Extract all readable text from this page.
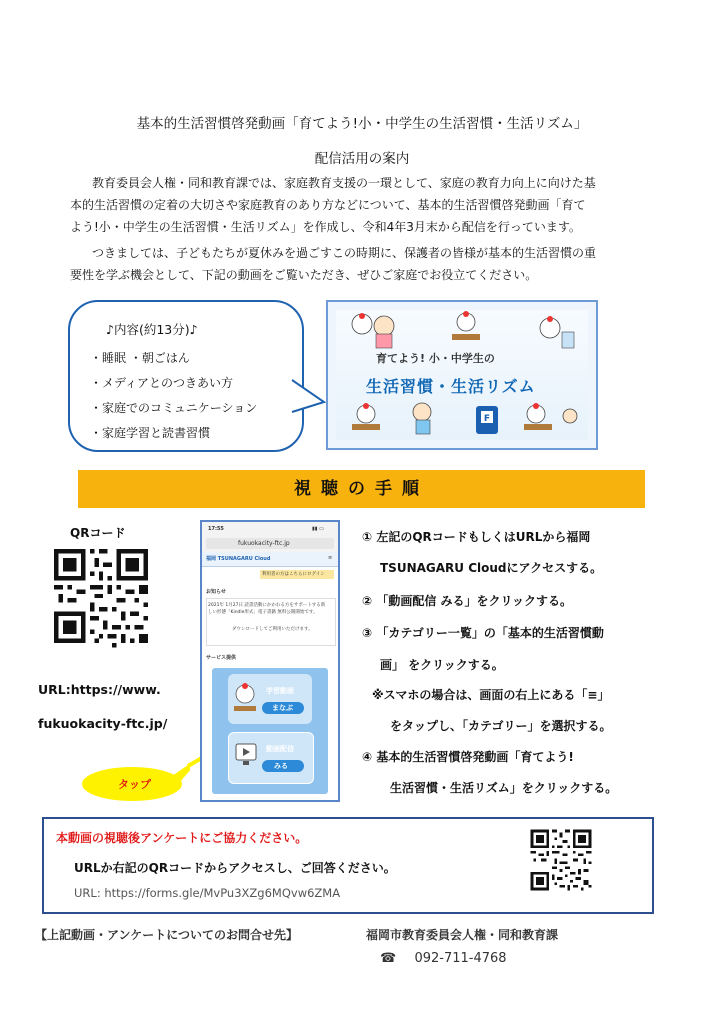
基本的生活習慣啓発動画「育てよう!小・中学生の生活習慣・生活リズム」
配信活用の案内
教育委員会人権・同和教育課では、家庭教育支援の一環として、家庭の教育力向上に向けた基
本的生活習慣の定着の大切さや家庭教育のあり方などについて、基本的生活習慣啓発動画「育て
よう!小・中学生の生活習慣・生活リズム」を作成し、令和4年3月末から配信を行っています。
つきましては、子どもたちが夏休みを過ごすこの時期に、保護者の皆様が基本的生活習慣の重
要性を学ぶ機会として、下記の動画をご覧いただき、ぜひご家庭でお役立てください。
♪内容(約13分)♪
・睡眠 ・朝ごはん
・メディアとのつきあい方
・家庭でのコミュニケーション
・家庭学習と読書習慣
F
育てよう! 小・中学生の
生活習慣・生活リズム
視聴の手順
QRコード
URL:https://www.
fukuokacity-ftc.jp/
タップ
17:55	▮▮ ▭
fukuokacity-ftc.jp
福岡 TSUNAGARU Cloud	≡
利用者の方はこちらにログイン
お知らせ
2021年 1月27日 読書活動にかかわる方をサポートする新しい形態「Kindle形式」電子書籍 無料公開開始です。
ダウンロードしてご利用いただけます。
サービス提供
学習動画
まなぶ
動画配信
みる
① 左記のQRコードもしくはURLから福岡
TSUNAGARU Cloudにアクセスする。
② 「動画配信 みる」をクリックする。
③ 「カテゴリー一覧」の「基本的生活習慣動
画」 をクリックする。
※スマホの場合は、画面の右上にある「≡」
をタップし、「カテゴリー」を選択する。
④ 基本的生活習慣啓発動画「育てよう!
生活習慣・生活リズム」をクリックする。
本動画の視聴後アンケートにご協力ください。
URLか右記のQRコードからアクセスし、ご回答ください。
URL: https://forms.gle/MvPu3XZg6MQvw6ZMA
【上記動画・アンケートについてのお問合せ先】	福岡市教育委員会人権・同和教育課
☎ 092-711-4768
